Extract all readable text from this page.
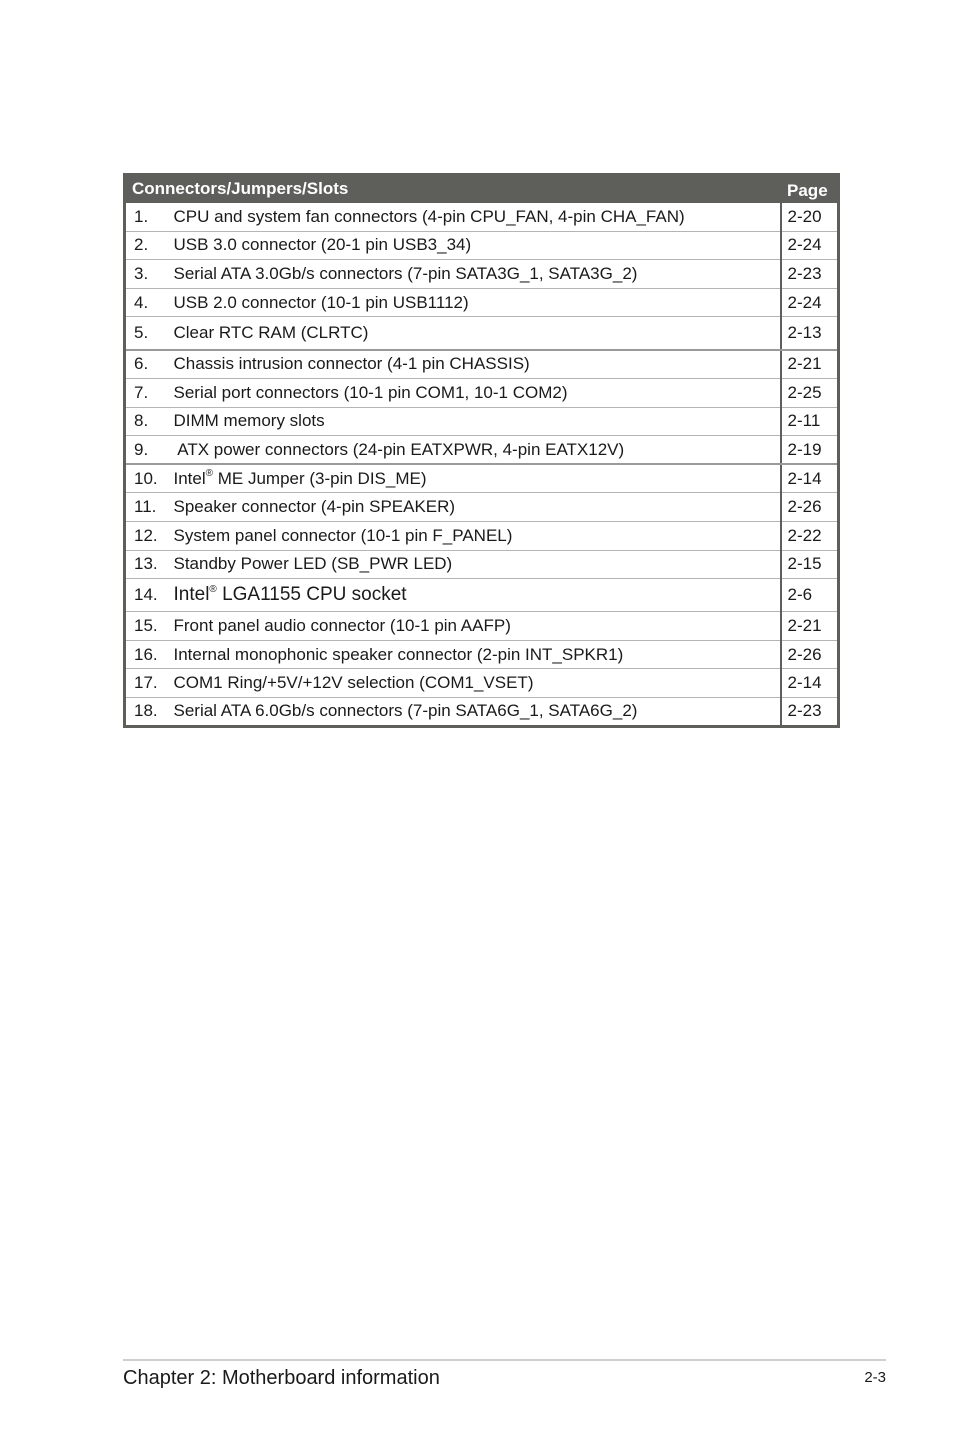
Connectors/Jumpers/Slots		Page
1.	CPU and system fan connectors (4-pin CPU_FAN, 4-pin CHA_FAN)	2-20
2.	USB 3.0 connector (20-1 pin USB3_34)	2-24
3.	Serial ATA 3.0Gb/s connectors (7-pin SATA3G_1, SATA3G_2)	2-23
4.	USB 2.0 connector (10-1 pin USB1112)	2-24
5.	Clear RTC RAM (CLRTC)	2-13
6.	Chassis intrusion connector (4-1 pin CHASSIS)	2-21
7.	Serial port connectors (10-1 pin COM1, 10-1 COM2)	2-25
8.	DIMM memory slots	2-11
9.	ATX power connectors (24-pin EATXPWR, 4-pin EATX12V)	2-19
10.	Intel® ME Jumper (3-pin DIS_ME)	2-14
11.	Speaker connector (4-pin SPEAKER)	2-26
12.	System panel connector (10-1 pin F_PANEL)	2-22
13.	Standby Power LED (SB_PWR LED)	2-15
14.	Intel® LGA1155 CPU socket	2-6
15.	Front panel audio connector (10-1 pin AAFP)	2-21
16.	Internal monophonic speaker connector (2-pin INT_SPKR1)	2-26
17.	COM1 Ring/+5V/+12V selection (COM1_VSET)	2-14
18.	Serial ATA 6.0Gb/s connectors (7-pin SATA6G_1, SATA6G_2)	2-23
Chapter 2: Motherboard information	2-3
